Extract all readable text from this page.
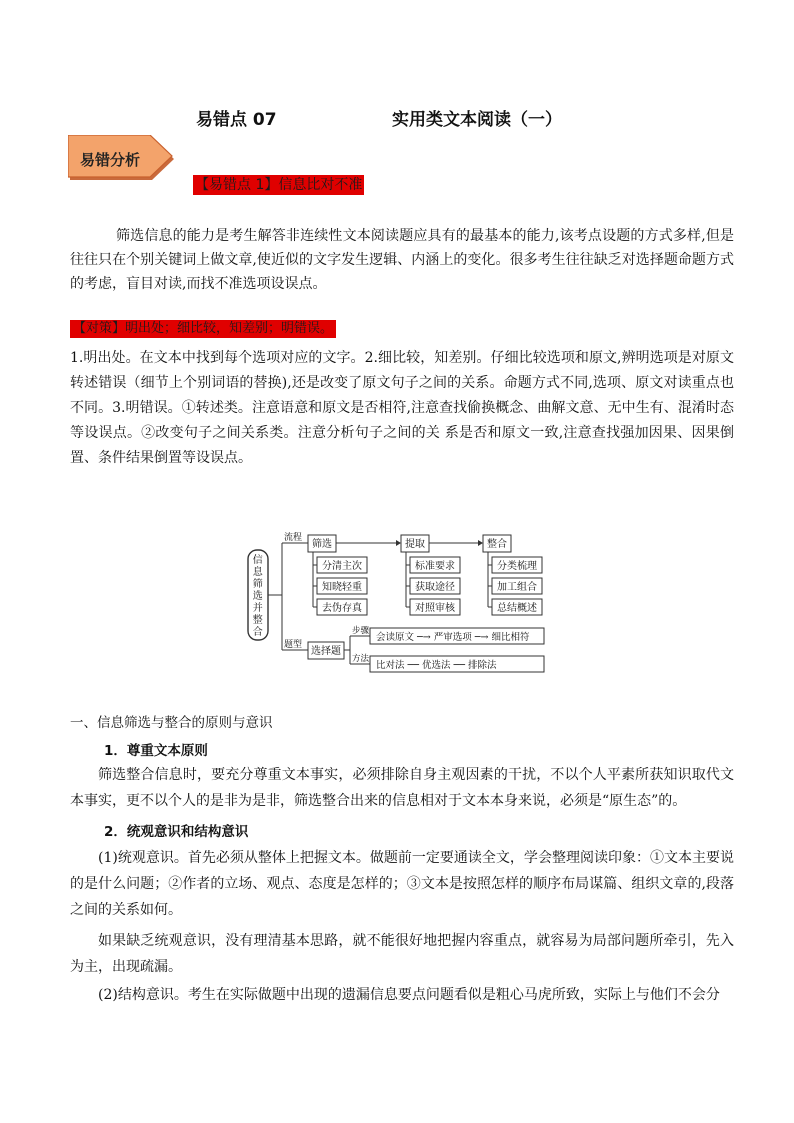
易错点 07	实用类文本阅读（一）
易错分析
【易错点 1】信息比对不准

筛选信息的能力是考生解答非连续性文本阅读题应具有的最基本的能力,该考点设题的方式多样,但是往往只在个别关键词上做文章,使近似的文字发生逻辑、内涵上的变化。很多考生往往缺乏对选择题命题方式的考虑，盲目对读,而找不准选项设误点。

【对策】明出处；细比较，知差别；明错误。

1.明出处。在文本中找到每个选项对应的文字。2.细比较，知差别。仔细比较选项和原文,辨明选项是对原文转述错误（细节上个别词语的替换),还是改变了原文句子之间的关系。命题方式不同,选项、原文对读重点也不同。3.明错误。①转述类。注意语意和原文是否相符,注意查找偷换概念、曲解文意、无中生有、混淆时态等设误点。②改变句子之间关系类。注意分析句子之间的关 系是否和原文一致,注意查找强加因果、因果倒置、条件结果倒置等设误点。

信息筛选并整合
流程
题型
筛选	提取	整合
分清主次
知晓轻重
去伪存真
标准要求
获取途径
对照审核
分类梳理
加工组合
总结概述
选择题
步骤
方法
会读原文 ─→ 严审选项 ─→ 细比相符
比对法 ── 优选法 ── 排除法
一、信息筛选与整合的原则与意识
1．尊重文本原则

筛选整合信息时，要充分尊重文本事实，必须排除自身主观因素的干扰，不以个人平素所获知识取代文本事实，更不以个人的是非为是非，筛选整合出来的信息相对于文本本身来说，必须是“原生态”的。

2．统观意识和结构意识

(1)统观意识。首先必须从整体上把握文本。做题前一定要通读全文，学会整理阅读印象：①文本主要说的是什么问题；②作者的立场、观点、态度是怎样的；③文本是按照怎样的顺序布局谋篇、组织文章的,段落之间的关系如何。

如果缺乏统观意识，没有理清基本思路，就不能很好地把握内容重点，就容易为局部问题所牵引，先入为主，出现疏漏。

(2)结构意识。考生在实际做题中出现的遗漏信息要点问题看似是粗心马虎所致，实际上与他们不会分
